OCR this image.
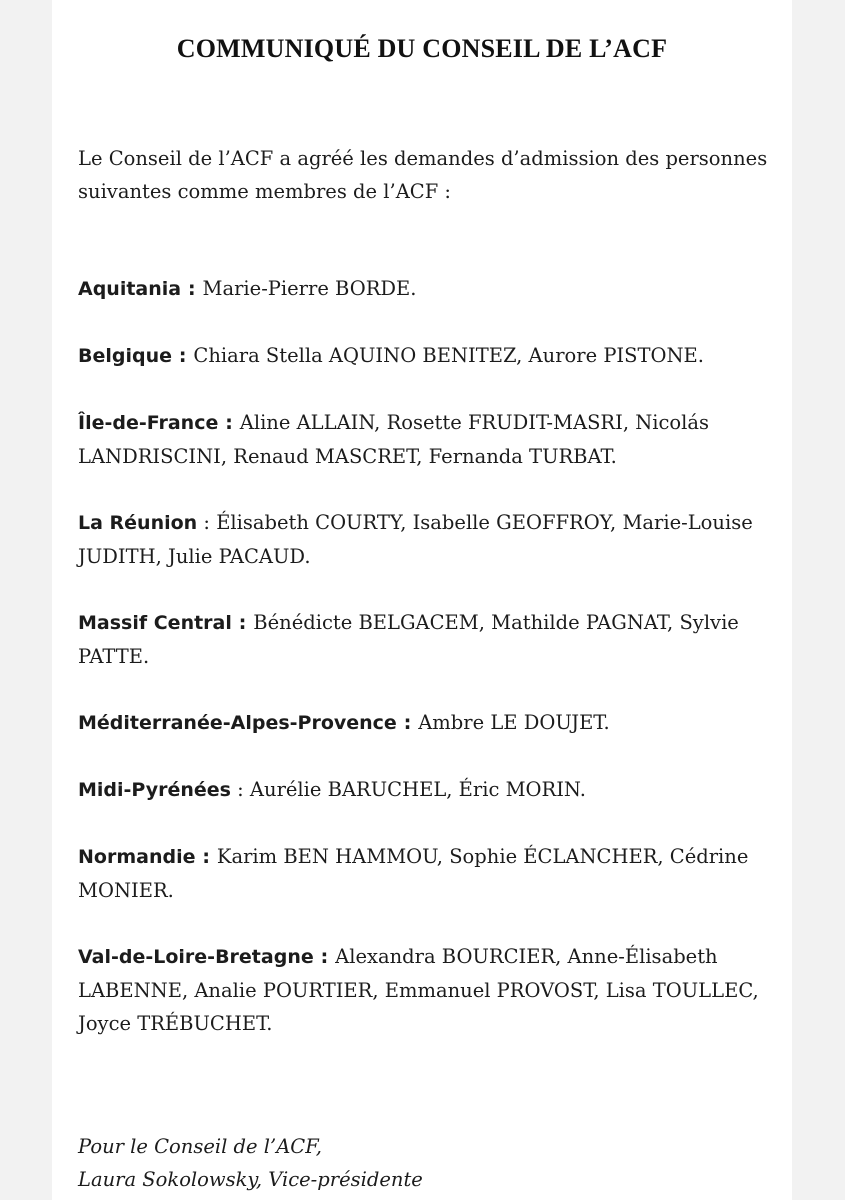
COMMUNIQUÉ DU CONSEIL DE L’ACF

Le Conseil de l’ACF a agréé les demandes d’admission des personnes suivantes comme membres de l’ACF :

Aquitania : Marie-Pierre BORDE.
Belgique : Chiara Stella AQUINO BENITEZ, Aurore PISTONE.
Île-de-France : Aline ALLAIN, Rosette FRUDIT-MASRI, Nicolás LANDRISCINI, Renaud MASCRET, Fernanda TURBAT.
La Réunion : Élisabeth COURTY, Isabelle GEOFFROY, Marie-Louise JUDITH, Julie PACAUD.
Massif Central : Bénédicte BELGACEM, Mathilde PAGNAT, Sylvie PATTE.
Méditerranée-Alpes-Provence : Ambre LE DOUJET.
Midi-Pyrénées : Aurélie BARUCHEL, Éric MORIN.
Normandie : Karim BEN HAMMOU, Sophie ÉCLANCHER, Cédrine MONIER.
Val-de-Loire-Bretagne : Alexandra BOURCIER, Anne-Élisabeth LABENNE, Analie POURTIER, Emmanuel PROVOST, Lisa TOULLEC, Joyce TRÉBUCHET.

Pour le Conseil de l’ACF,
Laura Sokolowsky, Vice-présidente
